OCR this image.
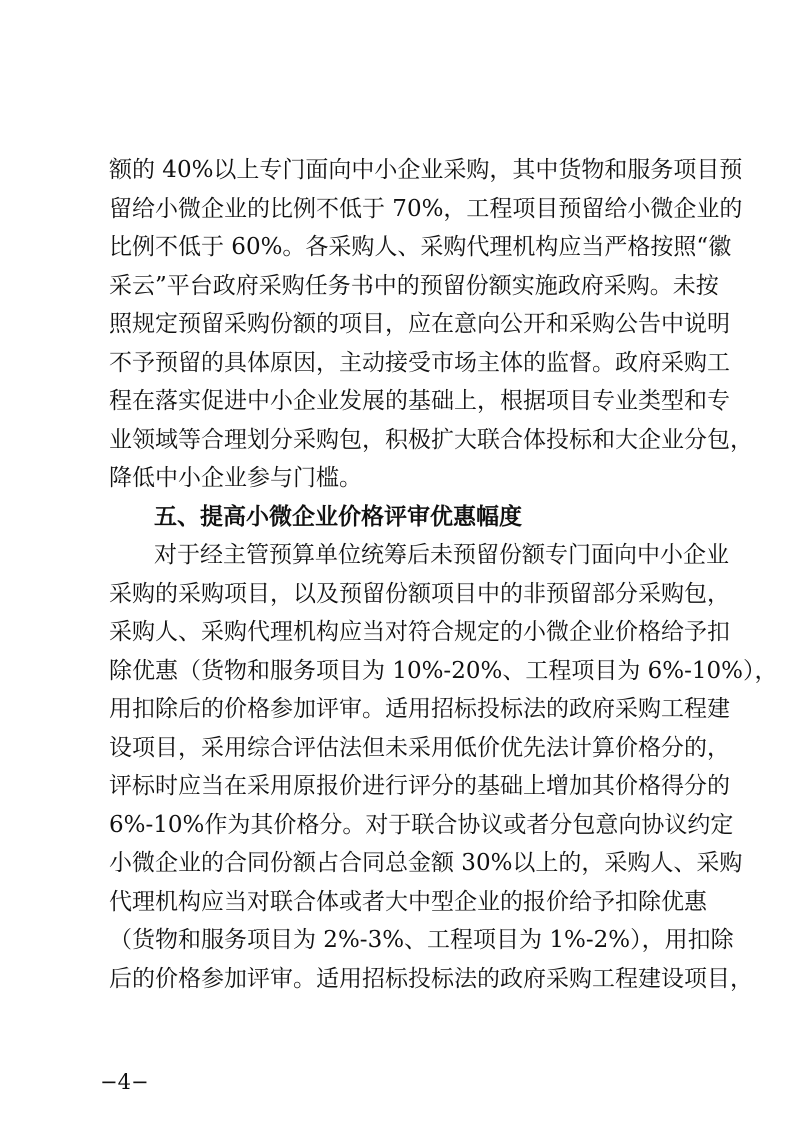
额的 40%以上专门面向中小企业采购，其中货物和服务项目预
留给小微企业的比例不低于 70%，工程项目预留给小微企业的
比例不低于 60%。各采购人、采购代理机构应当严格按照“徽
采云”平台政府采购任务书中的预留份额实施政府采购。未按
照规定预留采购份额的项目，应在意向公开和采购公告中说明
不予预留的具体原因，主动接受市场主体的监督。政府采购工
程在落实促进中小企业发展的基础上，根据项目专业类型和专
业领域等合理划分采购包，积极扩大联合体投标和大企业分包，
降低中小企业参与门槛。
五、提高小微企业价格评审优惠幅度
对于经主管预算单位统筹后未预留份额专门面向中小企业
采购的采购项目，以及预留份额项目中的非预留部分采购包，
采购人、采购代理机构应当对符合规定的小微企业价格给予扣
除优惠（货物和服务项目为 10%-20%、工程项目为 6%-10%），
用扣除后的价格参加评审。适用招标投标法的政府采购工程建
设项目，采用综合评估法但未采用低价优先法计算价格分的，
评标时应当在采用原报价进行评分的基础上增加其价格得分的
6%-10%作为其价格分。对于联合协议或者分包意向协议约定
小微企业的合同份额占合同总金额 30%以上的，采购人、采购
代理机构应当对联合体或者大中型企业的报价给予扣除优惠
（货物和服务项目为 2%-3%、工程项目为 1%-2%），用扣除
后的价格参加评审。适用招标投标法的政府采购工程建设项目，
−4−
